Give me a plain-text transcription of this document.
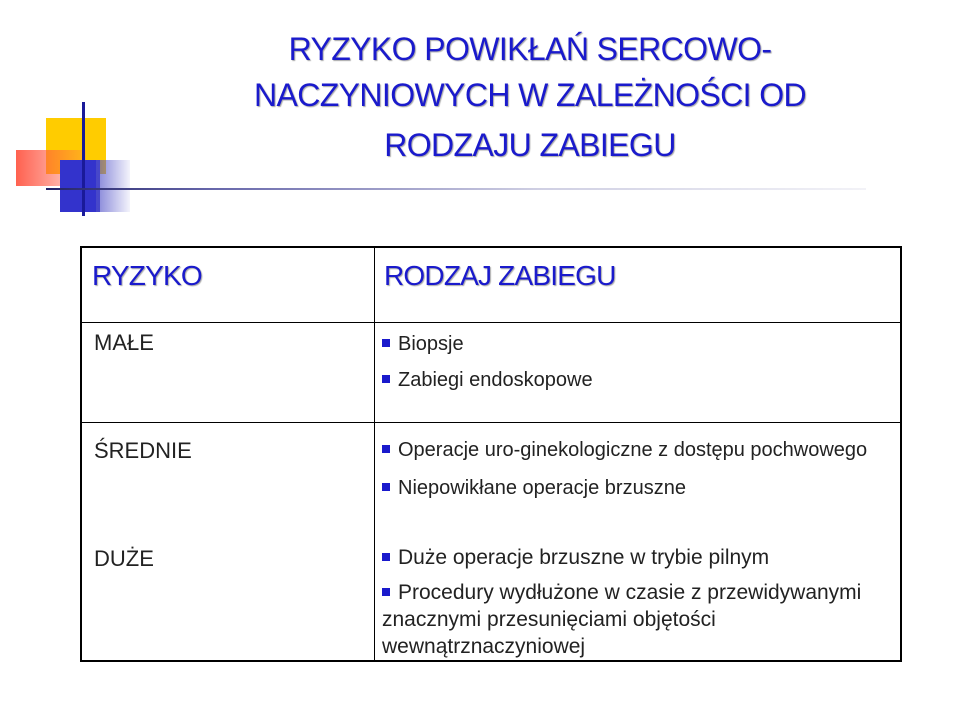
RYZYKO POWIKŁAŃ SERCOWO-
NACZYNIOWYCH W ZALEŻNOŚCI OD
RODZAJU ZABIEGU
RYZYKO	RODZAJ ZABIEGU
MAŁE	Biopsje
Zabiegi endoskopowe
ŚREDNIE	Operacje uro-ginekologiczne z dostępu pochwowego
Niepowikłane operacje brzuszne
DUŻE	Duże operacje brzuszne w trybie pilnym
Procedury wydłużone w czasie z przewidywanymi znacznymi przesunięciami objętości wewnątrznaczyniowej
